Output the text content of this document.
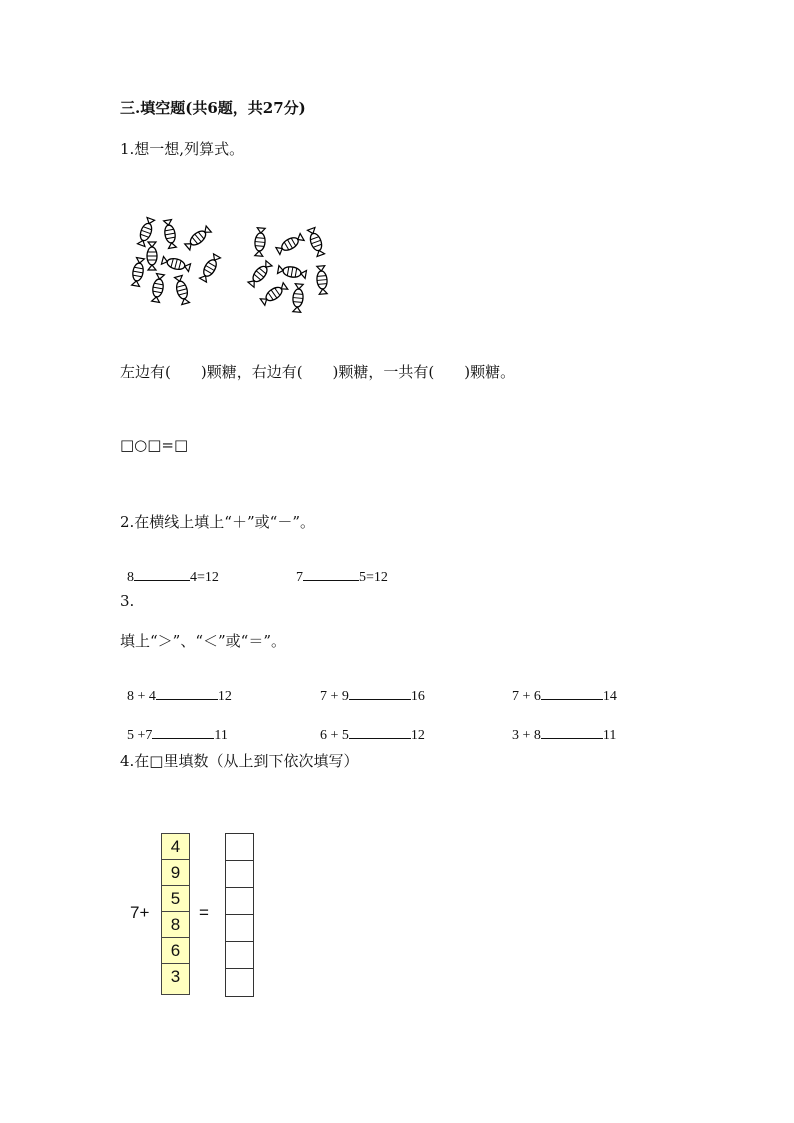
三.填空题(共6题，共27分)
1.想一想,列算式。
左边有(　　)颗糖，右边有(　　)颗糖，一共有(　　)颗糖。
□○□=□
2.在横线上填上“＋”或“－”。

8	4=12	7	5=12

3.
填上“＞”、“＜”或“＝”。

8 + 4	12	7 + 9	16	7 + 6	14

5 +7	11	6 + 5	12	3 + 8	11

4.在□里填数（从上到下依次填写）
7+
4
9
5
8
6
3
=
